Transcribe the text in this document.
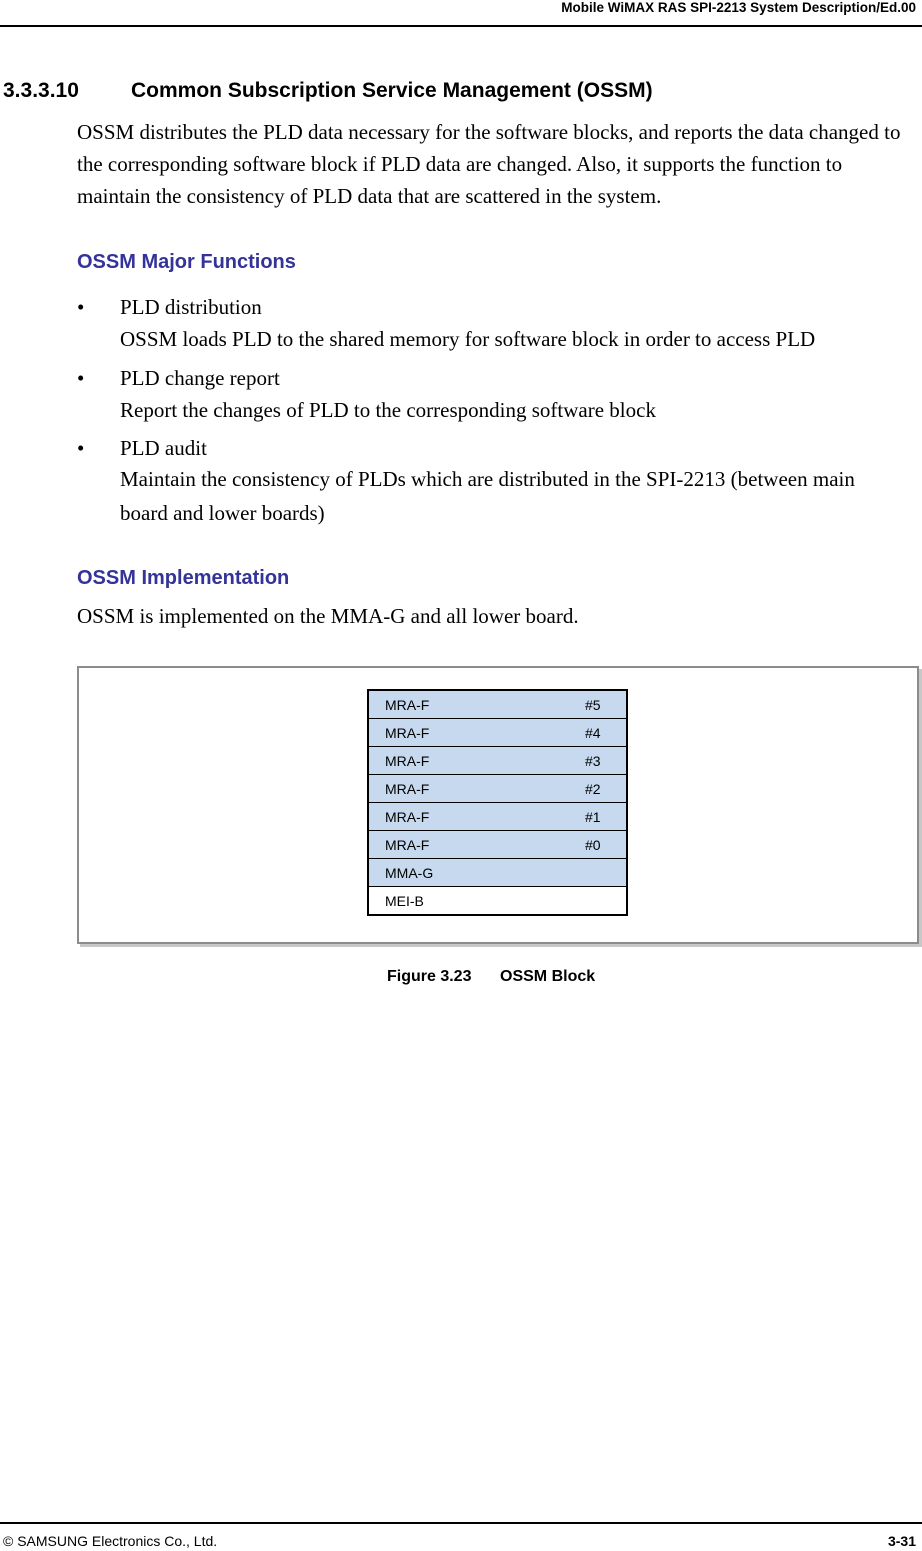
Mobile WiMAX RAS SPI-2213 System Description/Ed.00
3.3.3.10 Common Subscription Service Management (OSSM)
OSSM distributes the PLD data necessary for the software blocks, and reports the data changed to the corresponding software block if PLD data are changed. Also, it supports the function to maintain the consistency of PLD data that are scattered in the system.
OSSM Major Functions
• PLD distribution
OSSM loads PLD to the shared memory for software block in order to access PLD
• PLD change report
Report the changes of PLD to the corresponding software block
• PLD audit
Maintain the consistency of PLDs which are distributed in the SPI-2213 (between main board and lower boards)
OSSM Implementation
OSSM is implemented on the MMA-G and all lower board.
MRA-F	#5
MRA-F	#4
MRA-F	#3
MRA-F	#2
MRA-F	#1
MRA-F	#0
MMA-G
MEI-B
Figure 3.23 OSSM Block
© SAMSUNG Electronics Co., Ltd.	3-31
